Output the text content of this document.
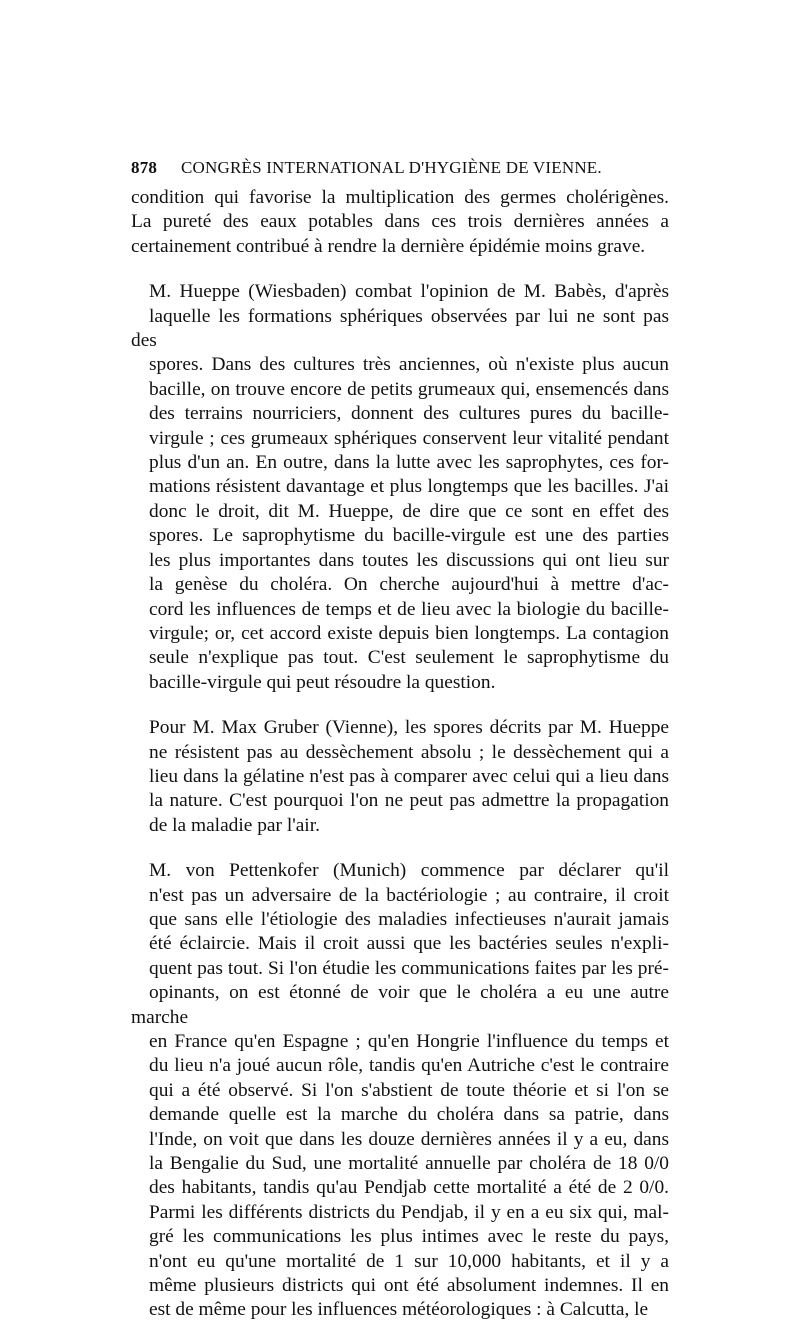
878	CONGRÈS INTERNATIONAL D'HYGIÈNE DE VIENNE.

condition qui favorise la multiplication des germes cholérigènes.
La pureté des eaux potables dans ces trois dernières années a
certainement contribué à rendre la dernière épidémie moins grave.

M. Hueppe (Wiesbaden) combat l'opinion de M. Babès, d'après
laquelle les formations sphériques observées par lui ne sont pas des
spores. Dans des cultures très anciennes, où n'existe plus aucun
bacille, on trouve encore de petits grumeaux qui, ensemencés dans
des terrains nourriciers, donnent des cultures pures du bacille-
virgule ; ces grumeaux sphériques conservent leur vitalité pendant
plus d'un an. En outre, dans la lutte avec les saprophytes, ces for-
mations résistent davantage et plus longtemps que les bacilles. J'ai
donc le droit, dit M. Hueppe, de dire que ce sont en effet des
spores. Le saprophytisme du bacille-virgule est une des parties
les plus importantes dans toutes les discussions qui ont lieu sur
la genèse du choléra. On cherche aujourd'hui à mettre d'ac-
cord les influences de temps et de lieu avec la biologie du bacille-
virgule; or, cet accord existe depuis bien longtemps. La contagion
seule n'explique pas tout. C'est seulement le saprophytisme du
bacille-virgule qui peut résoudre la question.

Pour M. Max Gruber (Vienne), les spores décrits par M. Hueppe
ne résistent pas au dessèchement absolu ; le dessèchement qui a
lieu dans la gélatine n'est pas à comparer avec celui qui a lieu dans
la nature. C'est pourquoi l'on ne peut pas admettre la propagation
de la maladie par l'air.

M. von Pettenkofer (Munich) commence par déclarer qu'il
n'est pas un adversaire de la bactériologie ; au contraire, il croit
que sans elle l'étiologie des maladies infectieuses n'aurait jamais
été éclaircie. Mais il croit aussi que les bactéries seules n'expli-
quent pas tout. Si l'on étudie les communications faites par les pré-
opinants, on est étonné de voir que le choléra a eu une autre marche
en France qu'en Espagne ; qu'en Hongrie l'influence du temps et
du lieu n'a joué aucun rôle, tandis qu'en Autriche c'est le contraire
qui a été observé. Si l'on s'abstient de toute théorie et si l'on se
demande quelle est la marche du choléra dans sa patrie, dans
l'Inde, on voit que dans les douze dernières années il y a eu, dans
la Bengalie du Sud, une mortalité annuelle par choléra de 18 0/0
des habitants, tandis qu'au Pendjab cette mortalité a été de 2 0/0.
Parmi les différents districts du Pendjab, il y en a eu six qui, mal-
gré les communications les plus intimes avec le reste du pays,
n'ont eu qu'une mortalité de 1 sur 10,000 habitants, et il y a
même plusieurs districts qui ont été absolument indemnes. Il en
est de même pour les influences météorologiques : à Calcutta, le
